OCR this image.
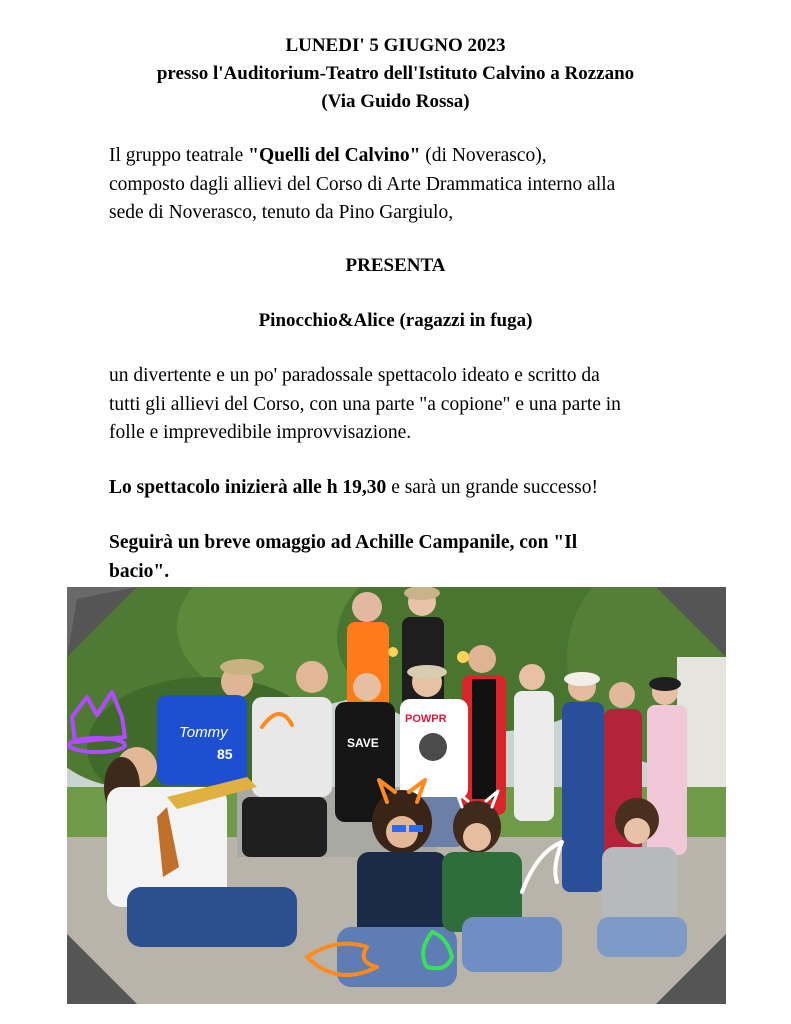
LUNEDI' 5 GIUGNO 2023
presso l'Auditorium-Teatro dell'Istituto Calvino a Rozzano
(Via Guido Rossa)
Il gruppo teatrale "Quelli del Calvino" (di Noverasco),
composto dagli allievi del Corso di Arte Drammatica interno alla
sede di Noverasco, tenuto da Pino Gargiulo,
PRESENTA
Pinocchio&Alice (ragazzi in fuga)
un divertente e un po' paradossale spettacolo ideato e scritto da
tutti gli allievi del Corso, con una parte "a copione" e una parte in
folle e imprevedibile improvvisazione.
Lo spettacolo inizierà alle h 19,30 e sarà un grande successo!
Seguirà un breve omaggio ad Achille Campanile, con "Il
bacio".
Tommy
85
SAVE
POWPR
